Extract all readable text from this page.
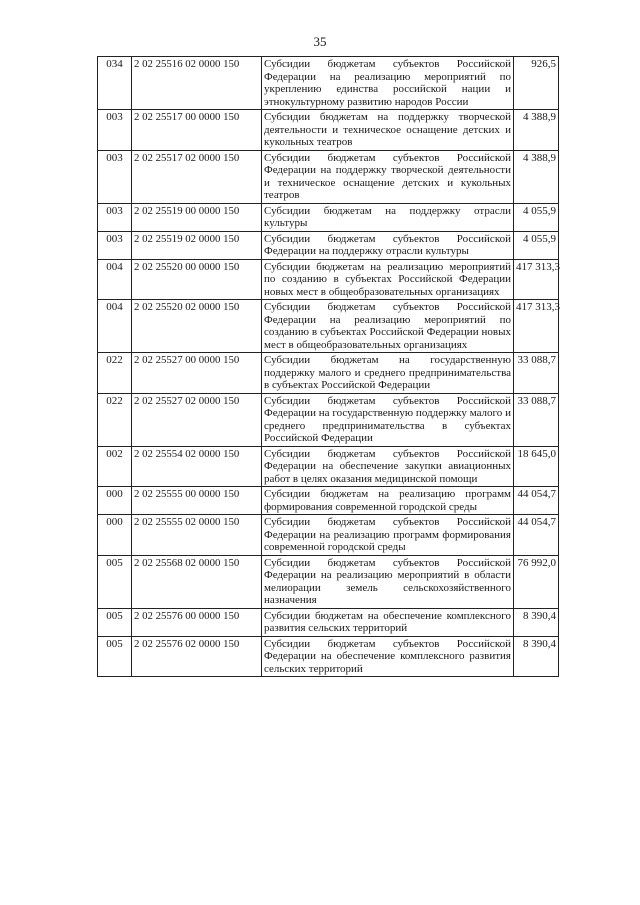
35
034	2 02 25516 02 0000 150	Субсидии бюджетам субъектов Российской Федерации на реализацию мероприятий по укреплению единства российской нации и этнокультурному развитию народов России	926,5
003	2 02 25517 00 0000 150	Субсидии бюджетам на поддержку творческой деятельности и техническое оснащение детских и кукольных театров	4 388,9
003	2 02 25517 02 0000 150	Субсидии бюджетам субъектов Российской Федерации на поддержку творческой деятельности и техническое оснащение детских и кукольных театров	4 388,9
003	2 02 25519 00 0000 150	Субсидии бюджетам на поддержку отрасли культуры	4 055,9
003	2 02 25519 02 0000 150	Субсидии бюджетам субъектов Российской Федерации на поддержку отрасли культуры	4 055,9
004	2 02 25520 00 0000 150	Субсидии бюджетам на реализацию мероприятий по созданию в субъектах Российской Федерации новых мест в общеобразовательных организациях	417 313,3
004	2 02 25520 02 0000 150	Субсидии бюджетам субъектов Российской Федерации на реализацию мероприятий по созданию в субъектах Российской Федерации новых мест в общеобразовательных организациях	417 313,3
022	2 02 25527 00 0000 150	Субсидии бюджетам на государственную поддержку малого и среднего предпринимательства в субъектах Российской Федерации	33 088,7
022	2 02 25527 02 0000 150	Субсидии бюджетам субъектов Российской Федерации на государственную поддержку малого и среднего предпринимательства в субъектах Российской Федерации	33 088,7
002	2 02 25554 02 0000 150	Субсидии бюджетам субъектов Российской Федерации на обеспечение закупки авиационных работ в целях оказания медицинской помощи	18 645,0
000	2 02 25555 00 0000 150	Субсидии бюджетам на реализацию программ формирования современной городской среды	44 054,7
000	2 02 25555 02 0000 150	Субсидии бюджетам субъектов Российской Федерации на реализацию программ формирования современной городской среды	44 054,7
005	2 02 25568 02 0000 150	Субсидии бюджетам субъектов Российской Федерации на реализацию мероприятий в области мелиорации земель сельскохозяйственного назначения	76 992,0
005	2 02 25576 00 0000 150	Субсидии бюджетам на обеспечение комплексного развития сельских территорий	8 390,4
005	2 02 25576 02 0000 150	Субсидии бюджетам субъектов Российской Федерации на обеспечение комплексного развития сельских территорий	8 390,4
